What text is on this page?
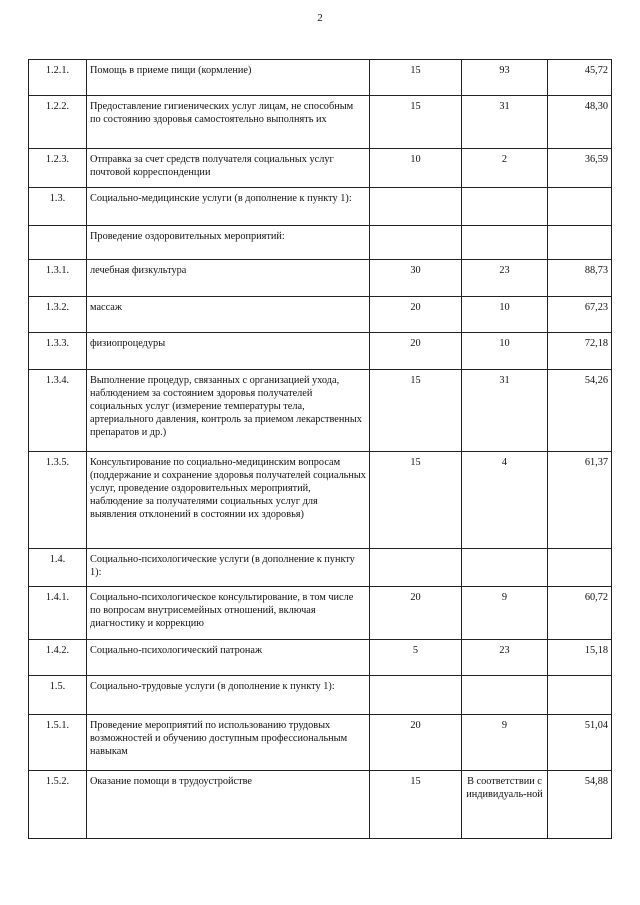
2
1.2.1.	Помощь в приеме пищи (кормление)	15	93	45,72
1.2.2.	Предоставление гигиенических услуг лицам, не способным по состоянию здоровья самостоятельно выполнять их	15	31	48,30
1.2.3.	Отправка за счет средств получателя социальных услуг почтовой корреспонденции	10	2	36,59
1.3.	Социально-медицинские услуги (в дополнение к пункту 1):			
	Проведение оздоровительных мероприятий:			
1.3.1.	лечебная физкультура	30	23	88,73
1.3.2.	массаж	20	10	67,23
1.3.3.	физиопроцедуры	20	10	72,18
1.3.4.	Выполнение процедур, связанных с организацией ухода, наблюдением за состоянием здоровья получателей социальных услуг (измерение температуры тела, артериального давления, контроль за приемом лекарственных препаратов и др.)	15	31	54,26
1.3.5.	Консультирование по социально-медицинским вопросам (поддержание и сохранение здоровья получателей социальных услуг, проведение оздоровительных мероприятий, наблюдение за получателями социальных услуг для выявления отклонений в состоянии их здоровья)	15	4	61,37
1.4.	Социально-психологические услуги (в дополнение к пункту 1):			
1.4.1.	Социально-психологическое консультирование, в том числе по вопросам внутрисемейных отношений, включая диагностику и коррекцию	20	9	60,72
1.4.2.	Социально-психологический патронаж	5	23	15,18
1.5.	Социально-трудовые услуги (в дополнение к пункту 1):			
1.5.1.	Проведение мероприятий по использованию трудовых возможностей и обучению доступным профессиональным навыкам	20	9	51,04
1.5.2.	Оказание помощи в трудоустройстве	15	В соответствии с индивидуаль-ной	54,88
